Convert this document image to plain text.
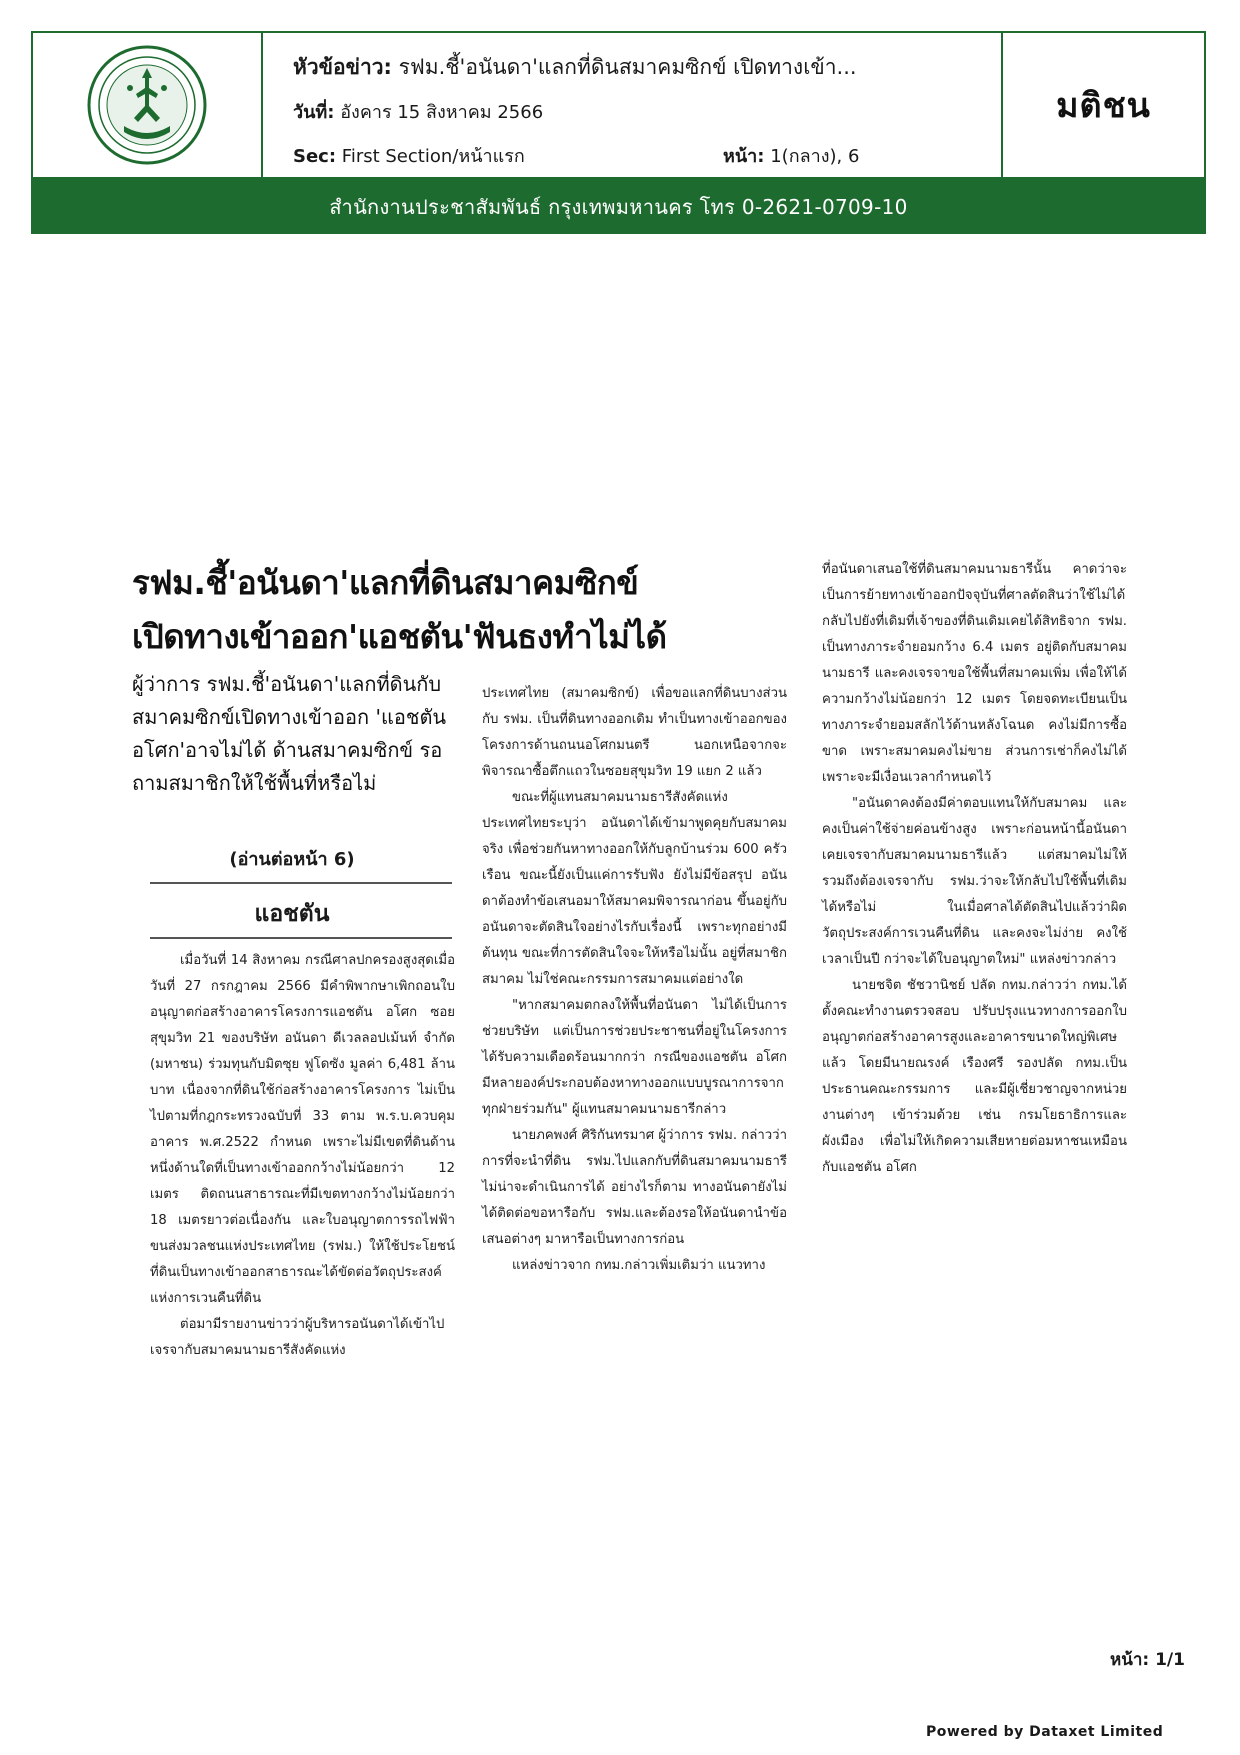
หัวข้อข่าว: รฟม.ชี้'อนันดา'แลกที่ดินสมาคมซิกข์ เปิดทางเข้า...
วันที่: อังคาร 15 สิงหาคม 2566
Sec: First Section/หน้าแรก	หน้า: 1(กลาง), 6
มติชน
สำนักงานประชาสัมพันธ์ กรุงเทพมหานคร โทร 0-2621-0709-10
รฟม.ชี้'อนันดา'แลกที่ดินสมาคมซิกข์
เปิดทางเข้าออก'แอชตัน'ฟันธงทำไม่ได้
ผู้ว่าการ รฟม.ชี้'อนันดา'แลกที่ดินกับสมาคมซิกข์เปิดทางเข้าออก 'แอชตันอโศก'อาจไม่ได้ ด้านสมาคมซิกข์ รอถามสมาชิกให้ใช้พื้นที่หรือไม่
(อ่านต่อหน้า 6)
แอชตัน

เมื่อวันที่ 14 สิงหาคม กรณีศาลปกครองสูงสุดเมื่อวันที่ 27 กรกฎาคม 2566 มีคำพิพากษาเพิกถอนใบอนุญาตก่อสร้างอาคารโครงการแอชตัน อโศก ซอยสุขุมวิท 21 ของบริษัท อนันดา ดีเวลลอปเม้นท์ จำกัด (มหาชน) ร่วมทุนกับมิตซุย ฟูโดซัง มูลค่า 6,481 ล้านบาท เนื่องจากที่ดินใช้ก่อสร้างอาคารโครงการ ไม่เป็นไปตามที่กฎกระทรวงฉบับที่ 33 ตาม พ.ร.บ.ควบคุมอาคาร พ.ศ.2522 กำหนด เพราะไม่มีเขตที่ดินด้านหนึ่งด้านใดที่เป็นทางเข้าออกกว้างไม่น้อยกว่า 12 เมตร ติดถนนสาธารณะที่มีเขตทางกว้างไม่น้อยกว่า 18 เมตรยาวต่อเนื่องกัน และใบอนุญาตการรถไฟฟ้าขนส่งมวลชนแห่งประเทศไทย (รฟม.) ให้ใช้ประโยชน์ที่ดินเป็นทางเข้าออกสาธารณะได้ขัดต่อวัตถุประสงค์แห่งการเวนคืนที่ดิน

ต่อมามีรายงานข่าวว่าผู้บริหารอนันดาได้เข้าไปเจรจากับสมาคมนามธารีสังคัดแห่ง

ประเทศไทย (สมาคมซิกข์) เพื่อขอแลกที่ดินบางส่วนกับ รฟม. เป็นที่ดินทางออกเดิม ทำเป็นทางเข้าออกของโครงการด้านถนนอโศกมนตรี นอกเหนือจากจะพิจารณาซื้อตึกแถวในซอยสุขุมวิท 19 แยก 2 แล้ว

ขณะที่ผู้แทนสมาคมนามธารีสังคัดแห่งประเทศไทยระบุว่า อนันดาได้เข้ามาพูดคุยกับสมาคมจริง เพื่อช่วยกันหาทางออกให้กับลูกบ้านร่วม 600 ครัวเรือน ขณะนี้ยังเป็นแค่การรับฟัง ยังไม่มีข้อสรุป อนันดาต้องทำข้อเสนอมาให้สมาคมพิจารณาก่อน ขึ้นอยู่กับอนันดาจะตัดสินใจอย่างไรกับเรื่องนี้ เพราะทุกอย่างมีต้นทุน ขณะที่การตัดสินใจจะให้หรือไม่นั้น อยู่ที่สมาชิกสมาคม ไม่ใช่คณะกรรมการสมาคมแต่อย่างใด

"หากสมาคมตกลงให้พื้นที่อนันดา ไม่ได้เป็นการช่วยบริษัท แต่เป็นการช่วยประชาชนที่อยู่ในโครงการได้รับความเดือดร้อนมากกว่า กรณีของแอชตัน อโศก มีหลายองค์ประกอบต้องหาทางออกแบบบูรณาการจากทุกฝ่ายร่วมกัน" ผู้แทนสมาคมนามธารีกล่าว

นายภคพงศ์ ศิริกันทรมาศ ผู้ว่าการ รฟม. กล่าวว่า การที่จะนำที่ดิน รฟม.ไปแลกกับที่ดินสมาคมนามธารีไม่น่าจะดำเนินการได้ อย่างไรก็ตาม ทางอนันดายังไม่ได้ติดต่อขอหารือกับ รฟม.และต้องรอให้อนันดานำข้อเสนอต่างๆ มาหารือเป็นทางการก่อน

แหล่งข่าวจาก กทม.กล่าวเพิ่มเติมว่า แนวทาง

ที่อนันดาเสนอใช้ที่ดินสมาคมนามธารีนั้น คาดว่าจะเป็นการย้ายทางเข้าออกปัจจุบันที่ศาลตัดสินว่าใช้ไม่ได้ กลับไปยังที่เดิมที่เจ้าของที่ดินเดิมเคยได้สิทธิจาก รฟม. เป็นทางภาระจำยอมกว้าง 6.4 เมตร อยู่ติดกับสมาคมนามธารี และคงเจรจาขอใช้พื้นที่สมาคมเพิ่ม เพื่อให้ได้ความกว้างไม่น้อยกว่า 12 เมตร โดยจดทะเบียนเป็นทางภาระจำยอมสลักไว้ด้านหลังโฉนด คงไม่มีการซื้อขาด เพราะสมาคมคงไม่ขาย ส่วนการเช่าก็คงไม่ได้ เพราะจะมีเงื่อนเวลากำหนดไว้

"อนันดาคงต้องมีค่าตอบแทนให้กับสมาคม และคงเป็นค่าใช้จ่ายค่อนข้างสูง เพราะก่อนหน้านี้อนันดาเคยเจรจากับสมาคมนามธารีแล้ว แต่สมาคมไม่ให้ รวมถึงต้องเจรจากับ รฟม.ว่าจะให้กลับไปใช้พื้นที่เดิมได้หรือไม่ ในเมื่อศาลได้ตัดสินไปแล้วว่าผิดวัตถุประสงค์การเวนคืนที่ดิน และคงจะไม่ง่าย คงใช้เวลาเป็นปี กว่าจะได้ใบอนุญาตใหม่" แหล่งข่าวกล่าว

นายชจิต ชัชวานิชย์ ปลัด กทม.กล่าวว่า กทม.ได้ตั้งคณะทำงานตรวจสอบ ปรับปรุงแนวทางการออกใบอนุญาตก่อสร้างอาคารสูงและอาคารขนาดใหญ่พิเศษแล้ว โดยมีนายณรงค์ เรืองศรี รองปลัด กทม.เป็นประธานคณะกรรมการ และมีผู้เชี่ยวชาญจากหน่วยงานต่างๆ เข้าร่วมด้วย เช่น กรมโยธาธิการและผังเมือง เพื่อไม่ให้เกิดความเสียหายต่อมหาชนเหมือนกับแอชตัน อโศก

หน้า: 1/1
Powered by Dataxet Limited
